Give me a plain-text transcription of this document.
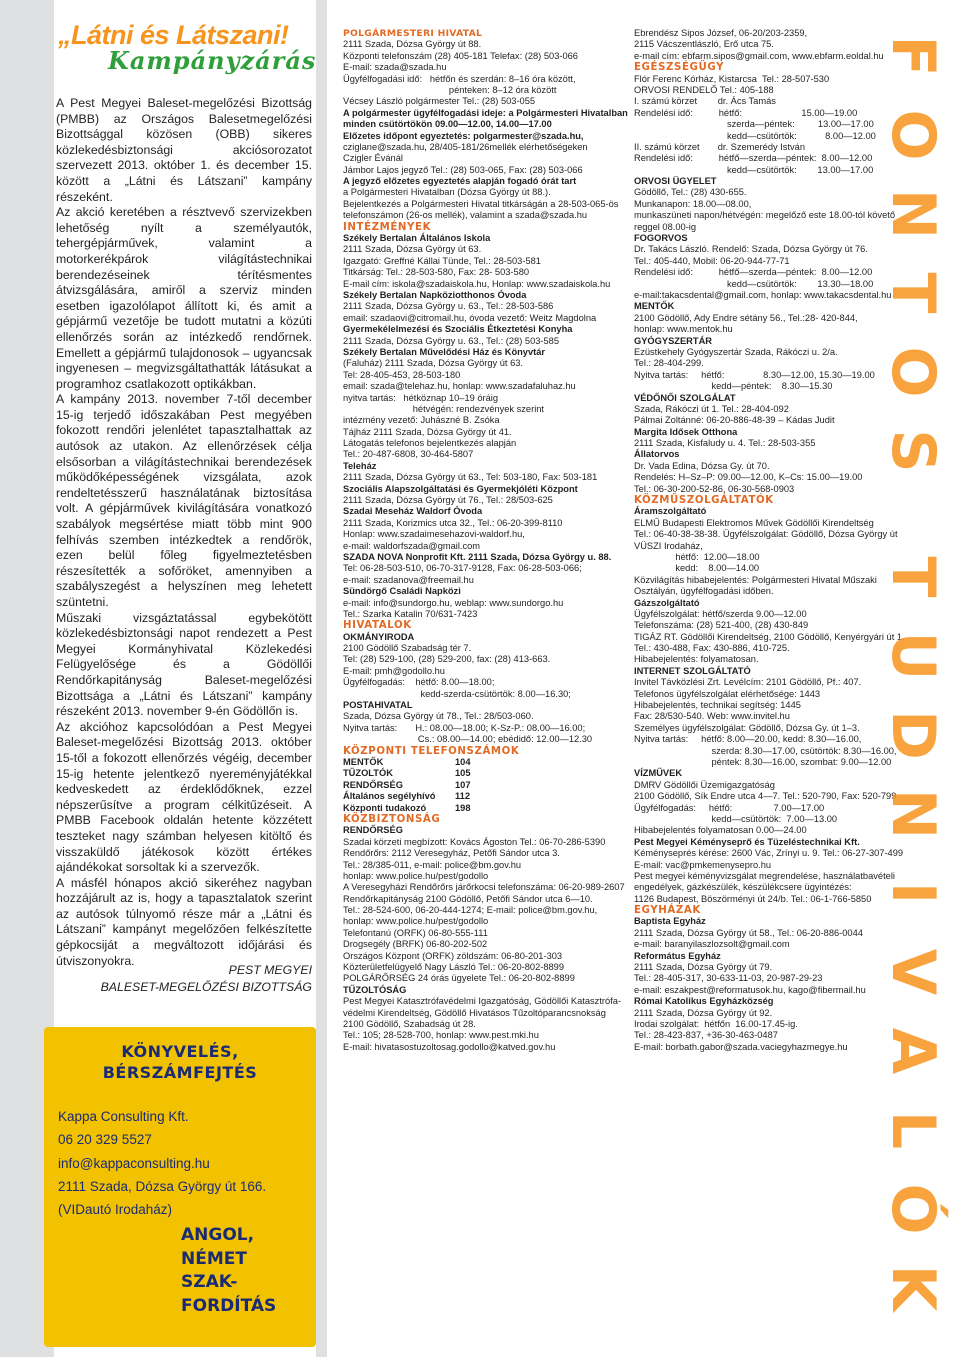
„Látni és Látszani!
Kampányzárás

A Pest Megyei Baleset-megelőzési Bizottság (PMBB) az Országos Balesetmegelőzési Bizottsággal közösen (OBB) sikeres közlekedésbiztonsági akciósorozatot szervezett 2013. október 1. és december 15. között a „Látni és Látszani” kampány részeként.

Az akció keretében a résztvevő szervizekben lehetőség nyílt a személyautók, tehergépjárművek, valamint a motorkerékpárok világítástechnikai berendezéseinek térítésmentes átvizsgálására, amiről a szerviz minden esetben igazolólapot állított ki, és amit a gépjármű vezetője be tudott mutatni a közúti ellenőrzés során az intézkedő rendőrnek. Emellett a gépjármű tulajdonosok – ugyancsak ingyenesen – megvizsgáltathatták látásukat a programhoz csatlakozott optikákban.

A kampány 2013. november 7-től december 15-ig terjedő időszakában Pest megyében fokozott rendőri jelenlétet tapasztalhattak az autósok az utakon. Az ellenőrzések célja elsősorban a világítástechnikai berendezések működőképességének vizsgálata, azok rendeltetésszerű használatának biztosítása volt. A gépjárművek kivilágítására vonatkozó szabályok megsértése miatt több mint 900 felhívás szemben intézkedtek a rendőrök, ezen belül főleg figyelmeztetésben részesítették a sofőröket, amennyiben a szabályszegést a helyszínen meg lehetett szüntetni.

Műszaki vizsgáztatással egybekötött közlekedésbiztonsági napot rendezett a Pest Megyei Kormányhivatal Közlekedési Felügyelősége és a Gödöllői Rendőrkapitányság Baleset-megelőzési Bizottsága a „Látni és Látszani” kampány részeként 2013. november 9-én Gödöllőn is.

Az akcióhoz kapcsolódóan a Pest Megyei Baleset-megelőzési Bizottság 2013. október 15-től a fokozott ellenőrzés végéig, december 15-ig hetente jelentkező nyereményjátékkal kedveskedett az érdeklődőknek, ezzel népszerűsítve a program célkitűzéseit. A PMBB Facebook oldalán hetente közzétett teszteket nagy számban helyesen kitöltő és visszaküldő játékosok között értékes ajándékokat sorsoltak ki a szervezők.

A másfél hónapos akció sikeréhez nagyban hozzájárult az is, hogy a tapasztalatok szerint az autósok túlnyomó része már a „Látni és Látszani” kampányt megelőzően felkészítette gépkocsiját a megváltozott időjárási és útviszonyokra.

PEST MEGYEI
BALESET-MEGELŐZÉSI BIZOTTSÁG
KÖNYVELÉS,
BÉRSZÁMFEJTÉS
Kappa Consulting Kft.
06 20 329 5527
info@kappaconsulting.hu
2111 Szada, Dózsa György út 166.
(VIDautó Irodaház)
ANGOL,
NÉMET
SZAK-
FORDÍTÁS
POLGÁRMESTERI HIVATAL
2111 Szada, Dózsa György út 88.
Központi telefonszám (28) 405-181 Telefax: (28) 503-066
E-mail: szada@szada.hu
Ügyfélfogadási idő:   hétfőn és szerdán: 8–16 óra között,
pénteken: 8–12 óra között
Vécsey László polgármester Tel.: (28) 503-055
A polgármester ügyfélfogadási ideje: a Polgármesteri Hivatalban
minden csütörtökön 09.00—12.00, 14.00—17.00
Előzetes időpont egyeztetés: polgarmester@szada.hu,
cziglane@szada.hu, 28/405-181/26mellék elérhetőségeken
Czigler Évánál
Jámbor Lajos jegyző Tel.: (28) 503-065, Fax: (28) 503-066
A jegyző előzetes egyeztetés alapján fogadó órát tart
a Polgármesteri Hivatalban (Dózsa György út 88.).
Bejelentkezés a Polgármesteri Hivatal titkárságán a 28-503-065-ös
telefonszámon (26-os mellék), valamint a szada@szada.hu
INTÉZMÉNYEK
Székely Bertalan Általános Iskola
2111 Szada, Dózsa György út 63.
Igazgató: Greffné Kállai Tünde, Tel.: 28-503-581
Titkárság: Tel.: 28-503-580, Fax: 28- 503-580
E-mail cím: iskola@szadaiskola.hu, Honlap: www.szadaiskola.hu
Székely Bertalan Napköziotthonos Óvoda
2111 Szada, Dózsa György u. 63., Tel.: 28-503-586
email: szadaovi@citromail.hu, óvoda vezető: Weitz Magdolna
Gyermekélelmezési és Szociális Étkeztetési Konyha
2111 Szada, Dózsa György u. 63., Tel.: (28) 503-585
Székely Bertalan Művelődési Ház és Könyvtár
(Faluház) 2111 Szada, Dózsa György út 63.
Tel: 28-405-453, 28-503-180
email: szada@telehaz.hu, honlap: www.szadafaluhaz.hu
nyitva tartás:   hétköznap 10–19 óráig
hétvégén: rendezvények szerint
intézmény vezető: Juhászné B. Zsóka
Tájház 2111 Szada, Dózsa György út 41.
Látogatás telefonos bejelentkezés alapján
Tel.: 20-487-6808, 30-464-5807
Teleház
2111 Szada, Dózsa György út 63., Tel: 503-180, Fax: 503-181
Szociális Alapszolgáltatási és Gyermekjóléti Központ
2111 Szada, Dózsa György út 76., Tel.: 28/503-625
Szadai Meseház Waldorf Óvoda
2111 Szada, Korizmics utca 32., Tel.: 06-20-399-8110
Honlap: www.szadaimesehazovi-waldorf.hu,
e-mail: waldorfszada@gmail.com
SZADA NOVA Nonprofit Kft. 2111 Szada, Dózsa György u. 88.
Tel: 06-28-503-510, 06-70-317-9128, Fax: 06-28-503-066;
e-mail: szadanova@freemail.hu
Sündörgő Családi Napközi
e-mail: info@sundorgo.hu, weblap: www.sundorgo.hu
Tel.: Szarka Katalin 70/631-7423
HIVATALOK
OKMÁNYIRODA
2100 Gödöllő Szabadság tér 7.
Tel: (28) 529-100, (28) 529-200, fax: (28) 413-663.
E-mail: pmh@godollo.hu
Ügyfélfogadás:    hétfő: 8.00—18.00;
kedd-szerda-csütörtök: 8.00—16.30;
POSTAHIVATAL
Szada, Dózsa György út 78., Tel.: 28/503-060.
Nyitva tartás:       H.: 08.00—18.00; K-Sz-P.: 08.00—16.00;
Cs.: 08.00—14.00; ebédidő: 12.00—12.30
KÖZPONTI TELEFONSZÁMOK
MENTŐK	104
TŰZOLTÓK	105
RENDŐRSÉG	107
Általános segélyhívó 112
Központi tudakozó	198
KÖZBIZTONSÁG
RENDŐRSÉG
Szadai körzeti megbízott: Kovács Ágoston Tel.: 06-70-286-5390
Rendőrőrs: 2112 Veresegyház, Petőfi Sándor utca 3.
Tel.: 28/385-011, e-mail: police@bm.gov.hu
honlap: www.police.hu/pest/godollo
A Veresegyházi Rendőrőrs járőrkocsi telefonszáma: 06-20-989-2607
Rendőrkapitányság 2100 Gödöllő, Petőfi Sándor utca 6—10.
Tel.: 28-524-600, 06-20-444-1274; E-mail: police@bm.gov.hu,
honlap: www.police.hu/pest/godollo
Telefontanú (ORFK) 06-80-555-111
Drogsegély (BRFK) 06-80-202-502
Országos Központ (ORFK) zöldszám: 06-80-201-303
Közterületfelügyelő Nagy László Tel.: 06-20-802-8899
POLGÁRŐRSÉG 24 órás ügyelete Tel.: 06-20-802-8899
TŰZOLTÓSÁG
Pest Megyei Katasztrófavédelmi Igazgatóság, Gödöllői Katasztrófa-
védelmi Kirendeltség, Gödöllő Hivatásos Tűzoltóparancsnokság
2100 Gödöllő, Szabadság út 28.
Tel.: 105; 28-528-700, honlap: www.pest.mki.hu
E-mail: hivatasostuzoltosag.godollo@katved.gov.hu
Ebrendész Sipos József, 06-20/203-2359,
2115 Vácszentlászló, Erő utca 75.
e-mail cím: ebfarm.sipos@gmail.com, www.ebfarm.eoldal.hu
EGÉSZSÉGÜGY
Flór Ferenc Kórház, Kistarcsa  Tel.: 28-507-530
ORVOSI RENDELŐ Tel.: 405-188
I. számú körzet        dr. Ács Tamás
Rendelési idő:          hétfő:                       15.00—19.00
szerda—péntek:         13.00—17.00
kedd—csütörtök:           8.00—12.00
II. számú körzet       dr. Szemerédy István
Rendelési idő:          hétfő—szerda—péntek:  8.00—12.00
kedd—csütörtök:        13.00—17.00
ORVOSI ÜGYELET
Gödöllő, Tel.: (28) 430-655.
Munkanapon: 18.00—08.00,
munkaszüneti napon/hétvégén: megelőző este 18.00-tól követő
reggel 08.00-ig
FOGORVOS
Dr. Takács László. Rendelő: Szada, Dózsa György út 76.
Tel.: 405-440, Mobil: 06-20-944-77-71
Rendelési idő:          hétfő—szerda—péntek:  8.00—12.00
kedd—csütörtök:        13.30—18.00
e-mail:takacsdental@gmail.com, honlap: www.takacsdental.hu
MENTŐK
2100 Gödöllő, Ady Endre sétány 56., Tel.:28- 420-844,
honlap: www.mentok.hu
GYÓGYSZERTÁR
Ezüstkehely Gyógyszertár Szada, Rákóczi u. 2/a.
Tel.: 28-404-299.
Nyitva tartás:     hétfő:               8.30—12.00, 15.30—19.00
kedd—péntek:    8.30—15.30
VÉDŐNŐI SZOLGÁLAT
Szada, Rákóczi út 1. Tel.: 28-404-092
Pálmai Zoltánné: 06-20-886-48-39 – Kádas Judit
Margita Idősek Otthona
2111 Szada, Kisfaludy u. 4. Tel.: 28-503-355
Állatorvos
Dr. Vada Edina, Dózsa Gy. út 70.
Rendelés: H–Sz–P: 09.00—12.00, K–Cs: 15.00—19.00
Tel.: 06-30-200-52-86, 06-30-568-0903
KÖZMŰSZOLGÁLTATÓK
Áramszolgáltató
ELMŰ Budapesti Elektromos Művek Gödöllői Kirendeltség
Tel.: 06-40-38-38-38. Ügyfélszolgálat: Gödöllő, Dózsa György út
VÜSZI Irodaház,
hétfő:  12.00—18.00
kedd:    8.00—14.00
Közvilágítás hibabejelentés: Polgármesteri Hivatal Műszaki
Osztályán, ügyfélfogadási időben.
Gázszolgáltató
Ügyfélszolgálat: hétfő/szerda 9.00—12.00
Telefonszáma: (28) 521-400, (28) 430-849
TIGÁZ RT. Gödöllői Kirendeltség, 2100 Gödöllő, Kenyérgyári út 1.
Tel.: 430-488, Fax: 430-886, 410-725.
Hibabejelentés: folyamatosan.
INTERNET SZOLGÁLTATÓ
Invitel Távközlési Zrt. Levélcím: 2101 Gödöllő, Pf.: 407.
Telefonos ügyfélszolgálat elérhetősége: 1443
Hibabejelentés, technikai segítség: 1445
Fax: 28/530-540. Web: www.invitel.hu
Személyes ügyfélszolgálat: Gödöllő, Dózsa Gy. út 1–3.
Nyitva tartás:     hétfő: 8.00—20.00, kedd: 8.30—16.00,
szerda: 8.30—17.00, csütörtök: 8.30—16.00,
péntek: 8.30—16.00, szombat: 9.00—12.00
VÍZMŰVEK
DMRV Gödöllői Üzemigazgatóság
2100 Gödöllő, Sík Endre utca 4—7. Tel.: 520-790, Fax: 520-799
Ügyfélfogadás:     hétfő:                7.00—17.00
kedd—csütörtök:  7.00—13.00
Hibabejelentés folyamatosan 0.00—24.00
Pest Megyei Kéményseprő és Tüzeléstechnikai Kft.
Kéményseprés kérése: 2600 Vác, Zrínyi u. 9. Tel.: 06-27-307-499
E-mail: vac@pmkemenysepro.hu
Pest megyei kéményvizsgálat megrendelése, használatbavételi
engedélyek, gázkészülék, készülékcsere ügyintézés:
1126 Budapest, Böszörményi út 24/b. Tel.: 06-1-766-5850
EGYHÁZAK
Baptista Egyház
2111 Szada, Dózsa György út 58., Tel.: 06-20-886-0044
e-mail: baranyilaszlozsolt@gmail.com
Református Egyház
2111 Szada, Dózsa György út 79.
Tel.: 28-405-317, 30-633-11-03, 20-987-29-23
e-mail: eszakpest@reformatusok.hu, kago@fibermail.hu
Római Katolikus Egyházközség
2111 Szada, Dózsa György út 92.
Irodai szolgálat:  hétfőn  16.00-17.45-ig.
Tel.: 28-423-837, +36-30-463-0487
E-mail: borbath.gabor@szada.vaciegyhazmegye.hu
F
O
N
T
O
S
T
U
D
N
I
V
A
L
Ó
K
